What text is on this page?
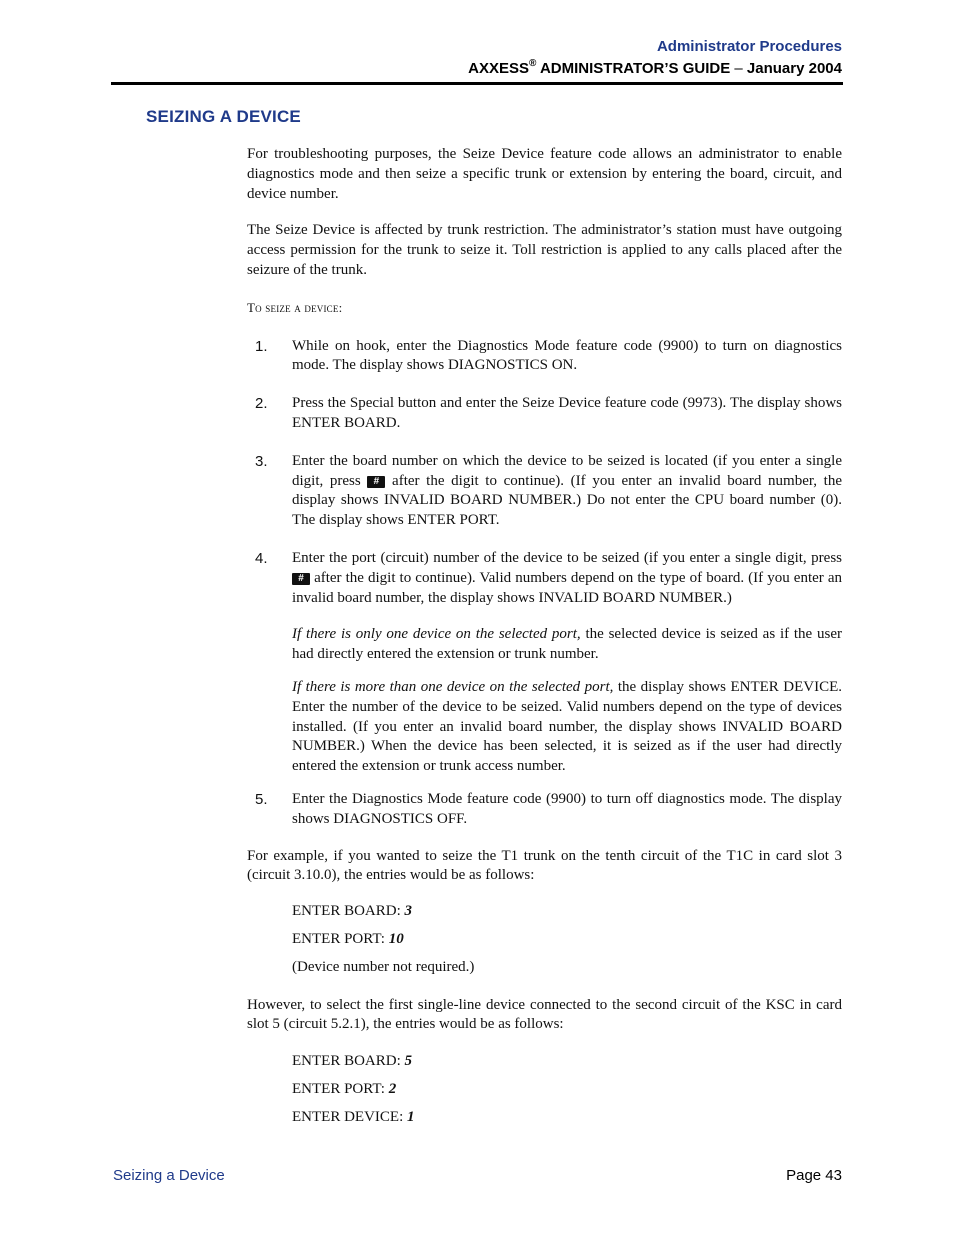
Administrator Procedures
AXXESS® ADMINISTRATOR’S GUIDE – January 2004
SEIZING A DEVICE

For troubleshooting purposes, the Seize Device feature code allows an administrator to enable diagnostics mode and then seize a specific trunk or extension by entering the board, circuit, and device number.

The Seize Device is affected by trunk restriction. The administrator’s station must have outgoing access permission for the trunk to seize it. Toll restriction is applied to any calls placed after the seizure of the trunk.

To seize a device:

1. While on hook, enter the Diagnostics Mode feature code (9900) to turn on diagnostics mode. The display shows DIAGNOSTICS ON.
2. Press the Special button and enter the Seize Device feature code (9973). The display shows ENTER BOARD.
3. Enter the board number on which the device to be seized is located (if you enter a single digit, press # after the digit to continue). (If you enter an invalid board number, the display shows INVALID BOARD NUMBER.) Do not enter the CPU board number (0). The display shows ENTER PORT.
4. Enter the port (circuit) number of the device to be seized (if you enter a single digit, press # after the digit to continue). Valid numbers depend on the type of board. (If you enter an invalid board number, the display shows INVALID BOARD NUMBER.)

If there is only one device on the selected port, the selected device is seized as if the user had directly entered the extension or trunk number.

If there is more than one device on the selected port, the display shows ENTER DEVICE. Enter the number of the device to be seized. Valid numbers depend on the type of devices installed. (If you enter an invalid board number, the display shows INVALID BOARD NUMBER.) When the device has been selected, it is seized as if the user had directly entered the extension or trunk access number.

5. Enter the Diagnostics Mode feature code (9900) to turn off diagnostics mode. The display shows DIAGNOSTICS OFF.

For example, if you wanted to seize the T1 trunk on the tenth circuit of the T1C in card slot 3 (circuit 3.10.0), the entries would be as follows:

ENTER BOARD: 3

ENTER PORT: 10

(Device number not required.)

However, to select the first single-line device connected to the second circuit of the KSC in card slot 5 (circuit 5.2.1), the entries would be as follows:

ENTER BOARD: 5

ENTER PORT: 2

ENTER DEVICE: 1

Seizing a Device	Page 43
